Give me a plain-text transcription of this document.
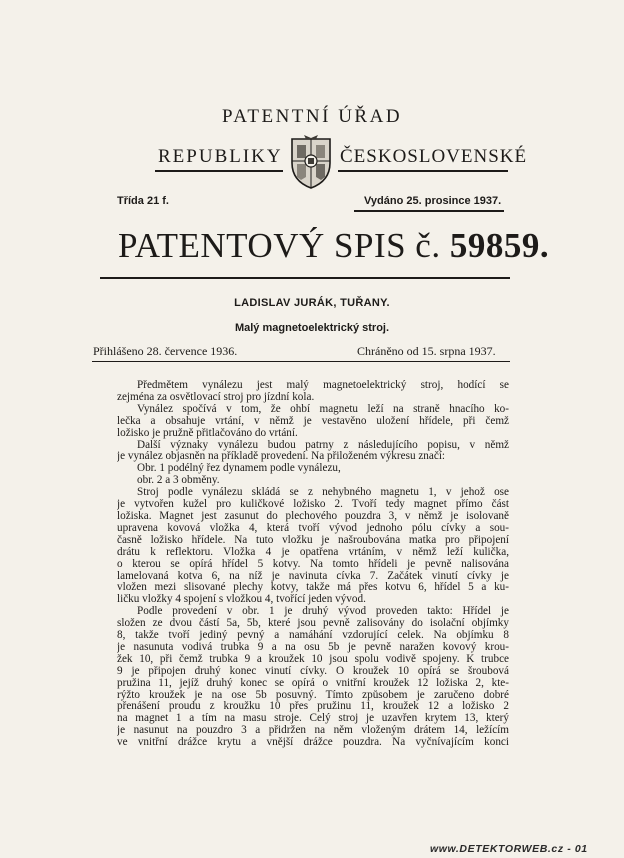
PATENTNÍ ÚŘAD
REPUBLIKY	ČESKOSLOVENSKÉ
Třída 21 f.	Vydáno 25. prosince 1937.
PATENTOVÝ SPIS č. 59859.
LADISLAV JURÁK, TUŘANY.
Malý magnetoelektrický stroj.
Přihlášeno 28. července 1936.	Chráněno od 15. srpna 1937.
Předmětem vynálezu jest malý magnetoelektrický stroj, hodící se
zejména za osvětlovací stroj pro jízdní kola.
Vynález spočívá v tom, že ohbí magnetu leží na straně hnacího ko-
lečka a obsahuje vrtání, v němž je vestavěno uložení hřídele, při čemž
ložisko je pružně přitlačováno do vrtání.
Další význaky vynálezu budou patrny z následujícího popisu, v němž
je vynález objasněn na příkladě provedení. Na přiloženém výkresu značí:
Obr. 1 podélný řez dynamem podle vynálezu,
obr. 2 a 3 obměny.
Stroj podle vynálezu skládá se z nehybného magnetu 1, v jehož ose
je vytvořen kužel pro kuličkové ložisko 2. Tvoří tedy magnet přímo část
ložiska. Magnet jest zasunut do plechového pouzdra 3, v němž je isolovaně
upravena kovová vložka 4, která tvoří vývod jednoho pólu cívky a sou-
časně ložisko hřídele. Na tuto vložku je našroubována matka pro připojení
drátu k reflektoru. Vložka 4 je opatřena vrtáním, v němž leží kulička,
o kterou se opírá hřídel 5 kotvy. Na tomto hřídeli je pevně nalisována
lamelovaná kotva 6, na níž je navinuta cívka 7. Začátek vinutí cívky je
vložen mezi slisované plechy kotvy, takže má přes kotvu 6, hřídel 5 a ku-
ličku vložky 4 spojení s vložkou 4, tvořící jeden vývod.
Podle provedení v obr. 1 je druhý vývod proveden takto: Hřídel je
složen ze dvou částí 5a, 5b, které jsou pevně zalisovány do isolační objímky
8, takže tvoří jediný pevný a namáhání vzdorující celek. Na objímku 8
je nasunuta vodivá trubka 9 a na osu 5b je pevně naražen kovový krou-
žek 10, při čemž trubka 9 a kroužek 10 jsou spolu vodivě spojeny. K trubce
9 je připojen druhý konec vinutí cívky. O kroužek 10 opírá se šroubová
pružina 11, jejíž druhý konec se opírá o vnitřní kroužek 12 ložiska 2, kte-
rýžto kroužek je na ose 5b posuvný. Tímto způsobem je zaručeno dobré
přenášení proudu z kroužku 10 přes pružinu 11, kroužek 12 a ložisko 2
na magnet 1 a tím na masu stroje. Celý stroj je uzavřen krytem 13, který
je nasunut na pouzdro 3 a přidržen na něm vloženým drátem 14, ležícím
ve vnitřní drážce krytu a vnější drážce pouzdra. Na vyčnívajícím konci
www.DETEKTORWEB.cz - 01
